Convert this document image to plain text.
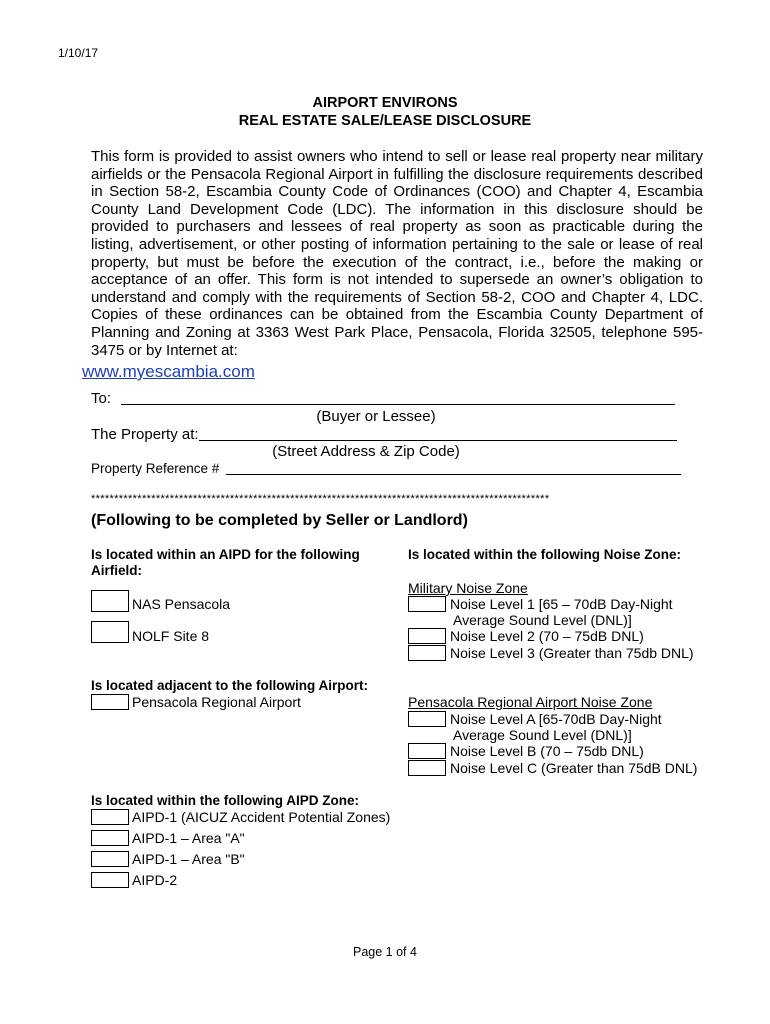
1/10/17
AIRPORT ENVIRONS
REAL ESTATE SALE/LEASE DISCLOSURE
This form is provided to assist owners who intend to sell or lease real property near military airfields or the Pensacola Regional Airport in fulfilling the disclosure requirements described in Section 58-2, Escambia County Code of Ordinances (COO) and Chapter 4, Escambia County Land Development Code (LDC). The information in this disclosure should be provided to purchasers and lessees of real property as soon as practicable during the listing, advertisement, or other posting of information pertaining to the sale or lease of real property, but must be before the execution of the contract, i.e., before the making or acceptance of an offer. This form is not intended to supersede an owner’s obligation to understand and comply with the requirements of Section 58-2, COO and Chapter 4, LDC. Copies of these ordinances can be obtained from the Escambia County Department of Planning and Zoning at 3363 West Park Place, Pensacola, Florida 32505, telephone 595-3475 or by Internet at:
www.myescambia.com
To:
(Buyer or Lessee)
The Property at:
(Street Address & Zip Code)
Property Reference #
***************************************************************************************************
(Following to be completed by Seller or Landlord)
Is located within an AIPD for the following
Airfield:
NAS Pensacola
NOLF Site 8
Is located adjacent to the following Airport:
Pensacola Regional Airport
Is located within the following AIPD Zone:
AIPD-1 (AICUZ Accident Potential Zones)
AIPD-1 – Area "A"
AIPD-1 – Area "B"
AIPD-2
Is located within the following Noise Zone:
Military Noise Zone
Noise Level 1 [65 – 70dB Day-Night
Average Sound Level (DNL)]
Noise Level 2 (70 – 75dB DNL)
Noise Level 3 (Greater than 75db DNL)
Pensacola Regional Airport Noise Zone
Noise Level A [65-70dB Day-Night
Average Sound Level (DNL)]
Noise Level B (70 – 75db DNL)
Noise Level C (Greater than 75dB DNL)
Page 1 of 4
